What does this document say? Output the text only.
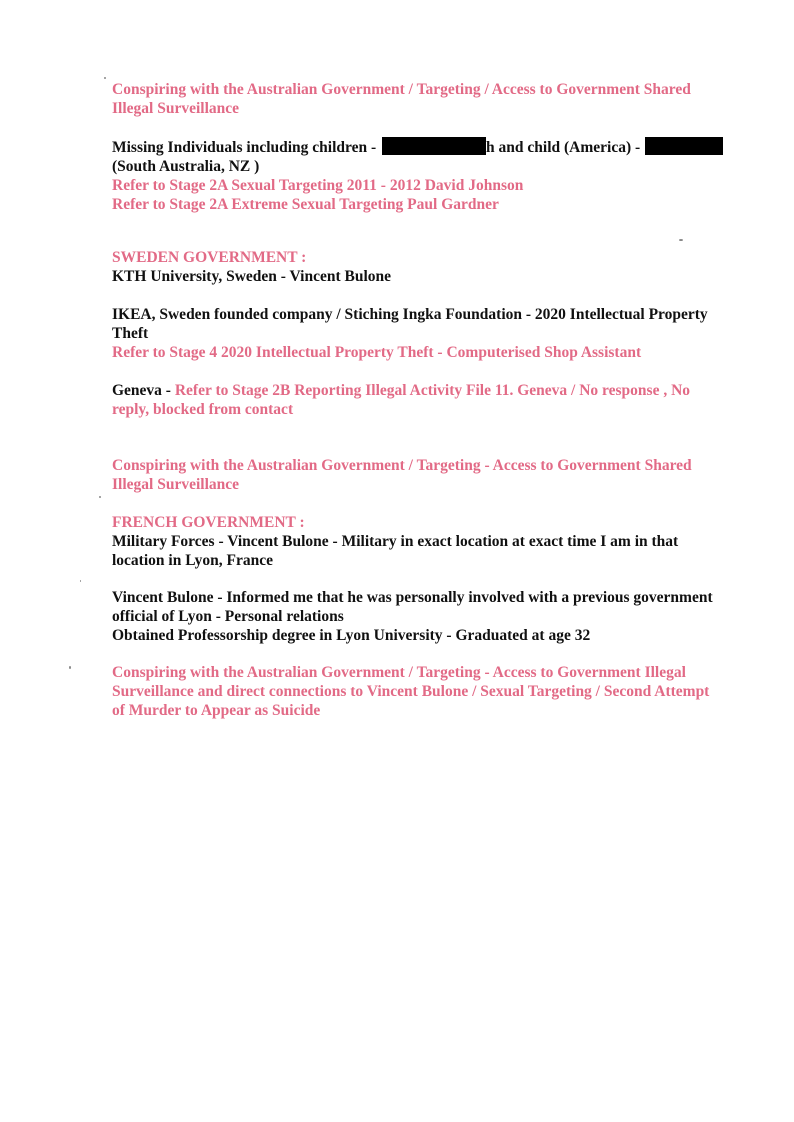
Conspiring with the Australian Government / Targeting / Access to Government Shared
Illegal Surveillance
Missing Individuals including children -	h and child (America) -
(South Australia, NZ )
Refer to Stage 2A Sexual Targeting 2011 - 2012 David Johnson
Refer to Stage 2A Extreme Sexual Targeting Paul Gardner
SWEDEN GOVERNMENT :
KTH University, Sweden - Vincent Bulone
IKEA, Sweden founded company / Stiching Ingka Foundation - 2020 Intellectual Property
Theft
Refer to Stage 4 2020 Intellectual Property Theft - Computerised Shop Assistant
Geneva - Refer to Stage 2B Reporting Illegal Activity File 11. Geneva / No response , No
reply, blocked from contact
Conspiring with the Australian Government / Targeting - Access to Government Shared
Illegal Surveillance
FRENCH GOVERNMENT :
Military Forces - Vincent Bulone - Military in exact location at exact time I am in that
location in Lyon, France
Vincent Bulone - Informed me that he was personally involved with a previous government
official of Lyon - Personal relations
Obtained Professorship degree in Lyon University - Graduated at age 32
Conspiring with the Australian Government / Targeting - Access to Government Illegal
Surveillance and direct connections to Vincent Bulone / Sexual Targeting / Second Attempt
of Murder to Appear as Suicide
